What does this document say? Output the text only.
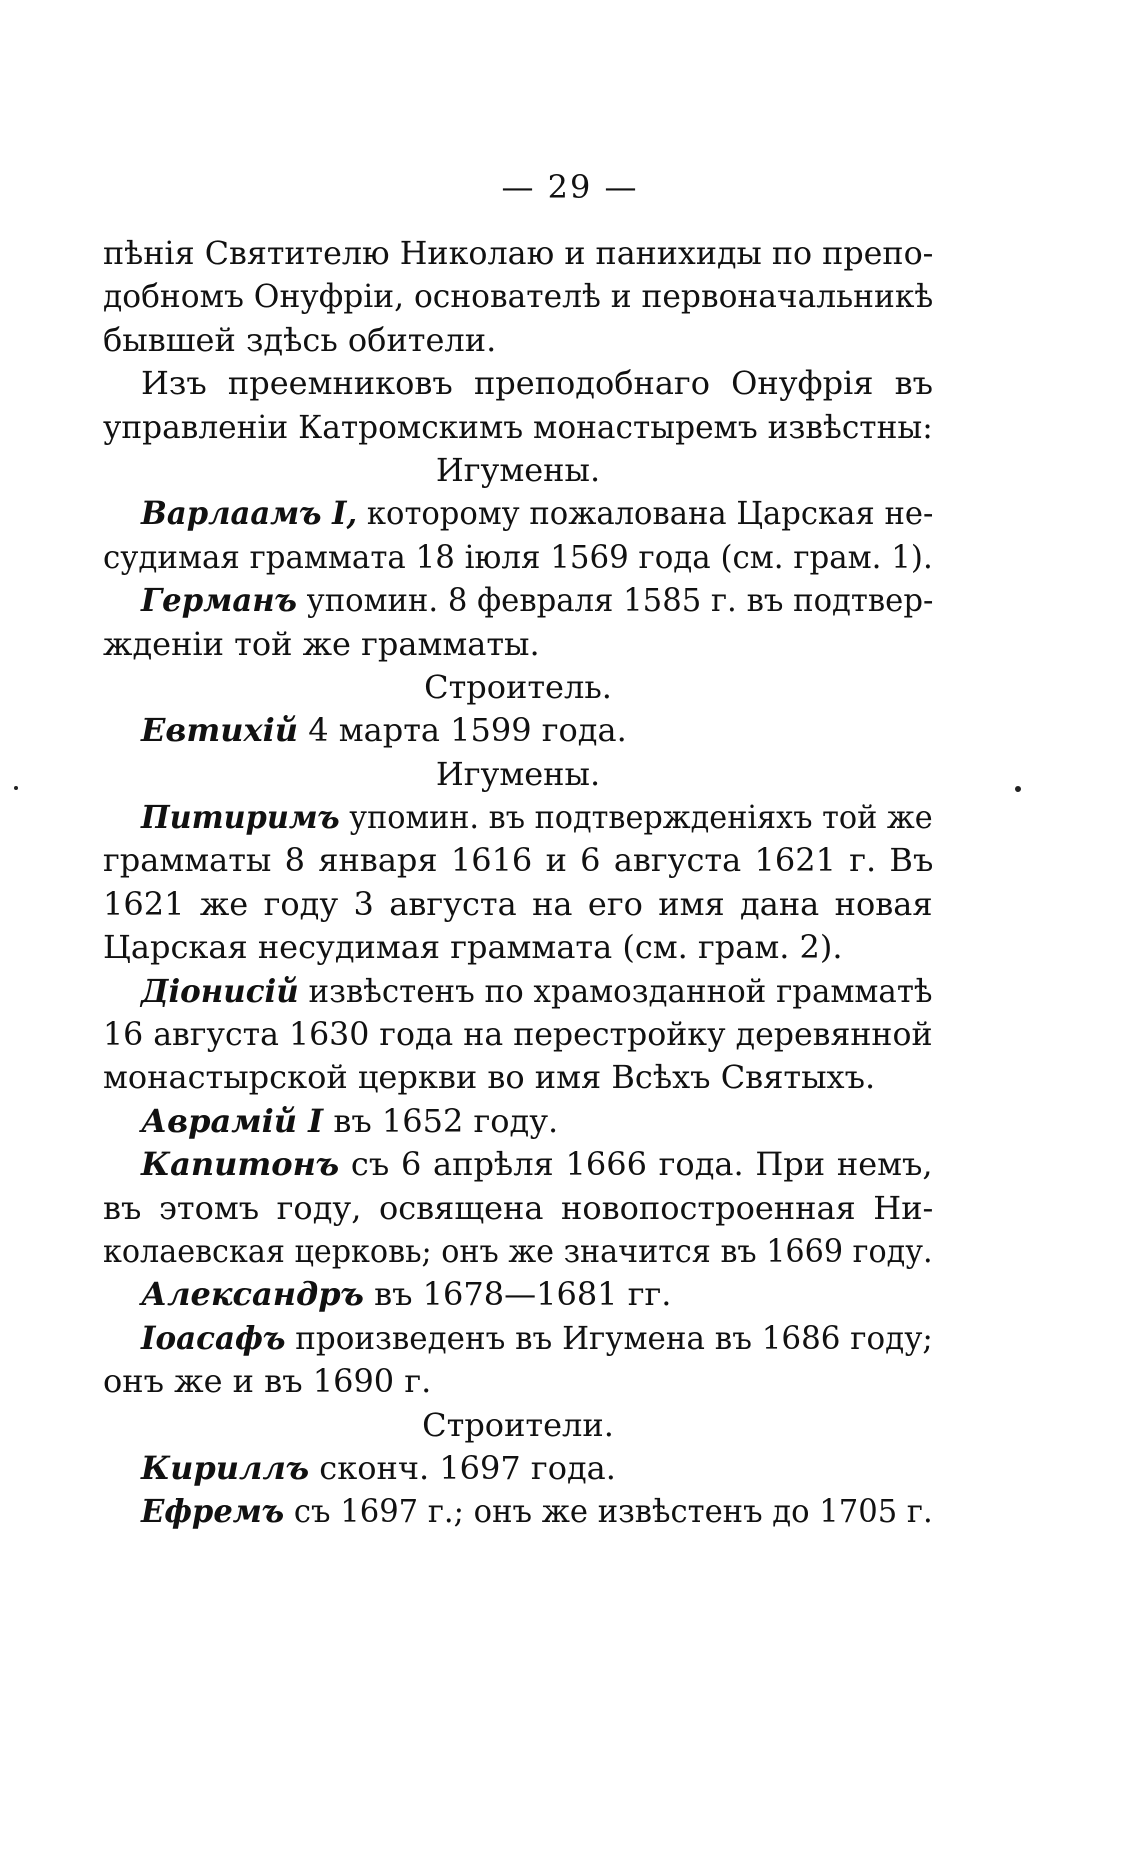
— 29 —
пѣнія Святителю Николаю и панихиды по препо-
добномъ Онуфріи, основателѣ и первоначальникѣ
бывшей здѣсь обители.
Изъ преемниковъ преподобнаго Онуфрія въ
управленіи Катромскимъ монастыремъ извѣстны:
Игумены.
Варлаамъ I, которому пожалована Царская не-
судимая граммата 18 іюля 1569 года (см. грам. 1).
Германъ упомин. 8 февраля 1585 г. въ подтвер-
жденіи той же грамматы.
Строитель.
Евтихій 4 марта 1599 года.
Игумены.
Питиримъ упомин. въ подтвержденіяхъ той же
грамматы 8 января 1616 и 6 августа 1621 г. Въ
1621 же году 3 августа на его имя дана новая
Царская несудимая граммата (см. грам. 2).
Діонисій извѣстенъ по храмозданной грамматѣ
16 августа 1630 года на перестройку деревянной
монастырской церкви во имя Всѣхъ Святыхъ.
Аврамій I въ 1652 году.
Капитонъ съ 6 апрѣля 1666 года. При немъ,
въ этомъ году, освящена новопостроенная Ни-
колаевская церковь; онъ же значится въ 1669 году.
Александръ въ 1678—1681 гг.
Іоасафъ произведенъ въ Игумена въ 1686 году;
онъ же и въ 1690 г.
Строители.
Кириллъ сконч. 1697 года.
Ефремъ съ 1697 г.; онъ же извѣстенъ до 1705 г.
